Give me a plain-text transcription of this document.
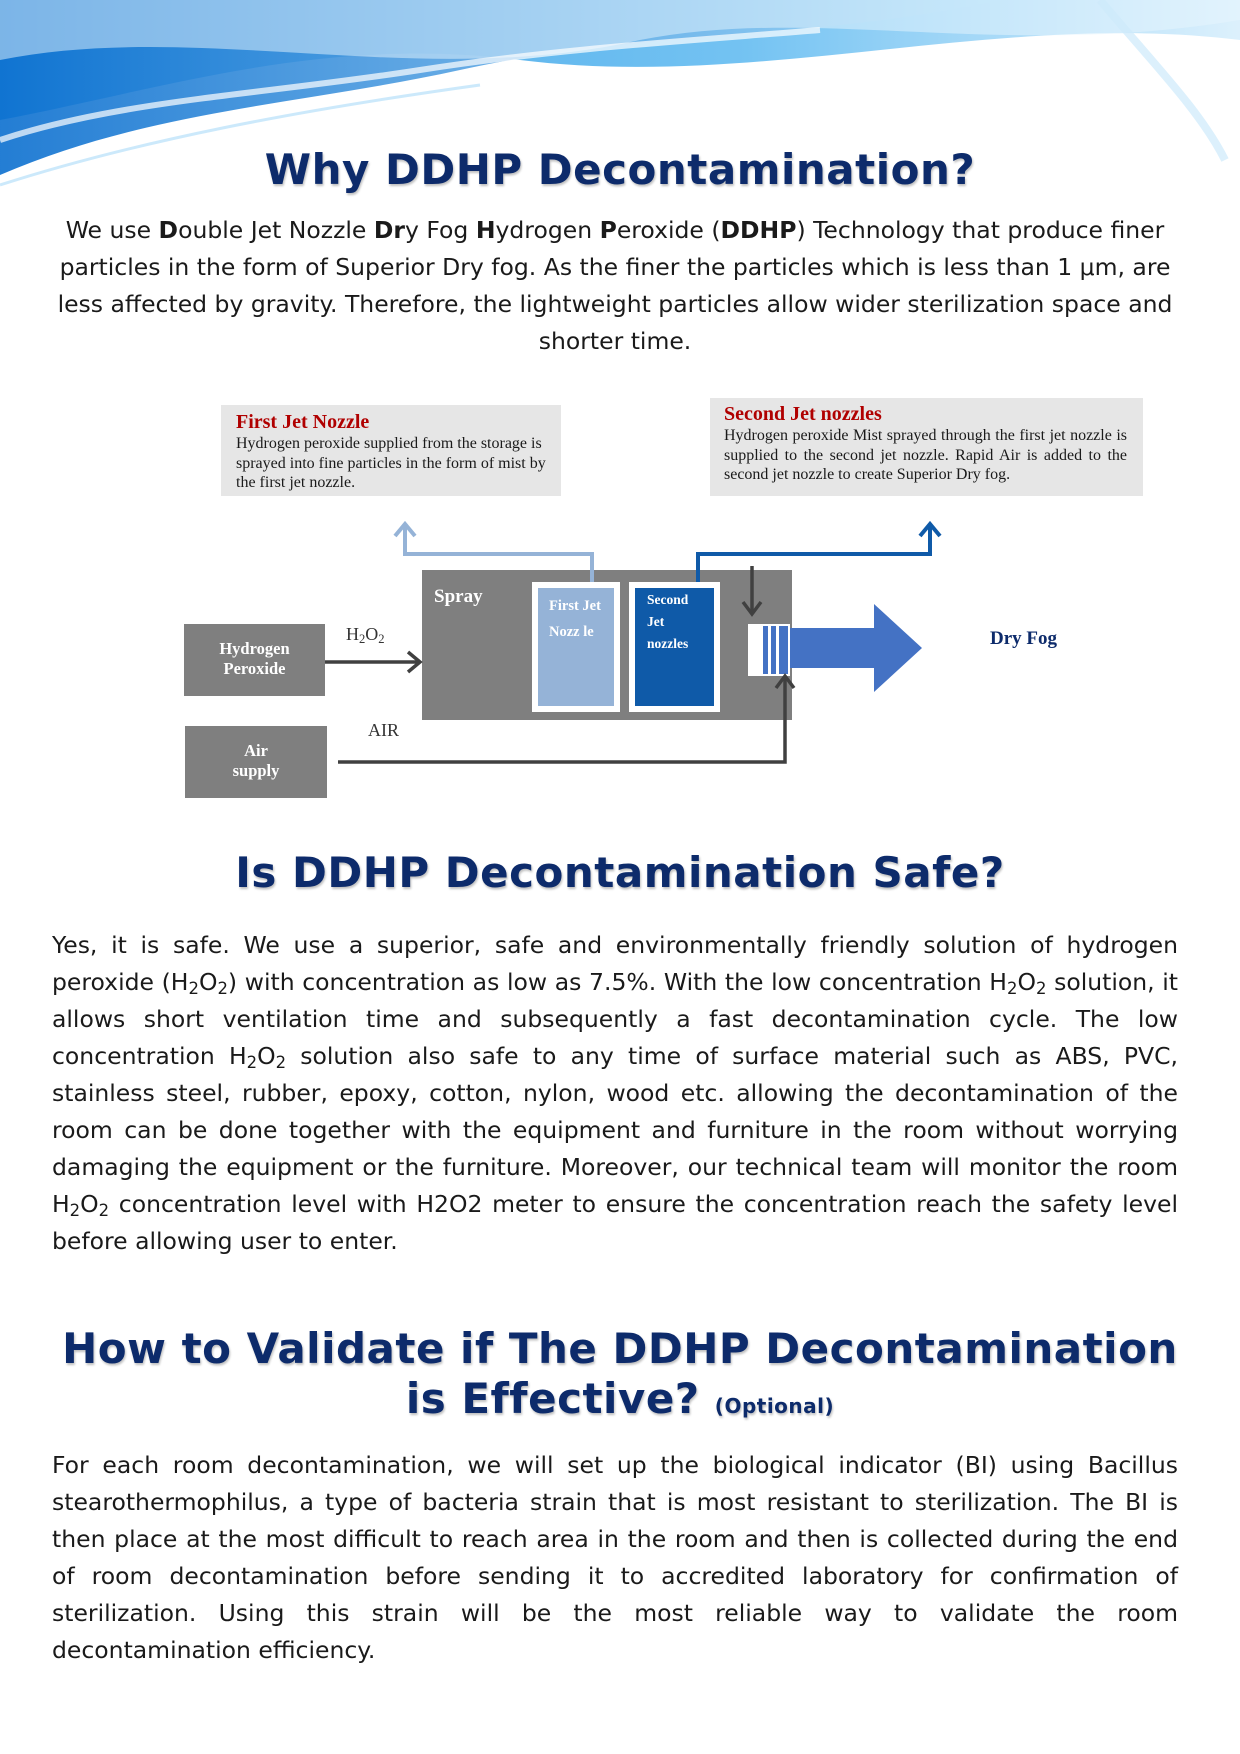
Why DDHP Decontamination?

We use Double Jet Nozzle Dry Fog Hydrogen Peroxide (DDHP) Technology that produce finer particles in the form of Superior Dry fog. As the finer the particles which is less than 1 μm, are less affected by gravity. Therefore, the lightweight particles allow wider sterilization space and shorter time.

First Jet Nozzle
Hydrogen peroxide supplied from the storage is sprayed into fine particles in the form of mist by the first jet nozzle.
Second Jet nozzles
Hydrogen peroxide Mist sprayed through the first jet nozzle is supplied to the second jet nozzle. Rapid Air is added to the second jet nozzle to create Superior Dry fog.
Hydrogen
Peroxide
Air
supply
$H_2O_2$
AIR
Spray	First Jet
Nozz le
Second
Jet
nozzles	Dry Fog
Is DDHP Decontamination Safe?

Yes, it is safe. We use a superior, safe and environmentally friendly solution of hydrogen peroxide $(H_2O_2)$ with concentration as low as 7.5%. With the low concentration $H_2O_2$ solution, it allows short ventilation time and subsequently a fast decontamination cycle. The low concentration $H_2O_2$ solution also safe to any time of surface material such as ABS, PVC, stainless steel, rubber, epoxy, cotton, nylon, wood etc. allowing the decontamination of the room can be done together with the equipment and furniture in the room without worrying damaging the equipment or the furniture. Moreover, our technical team will monitor the room $H_2O_2$ concentration level with H2O2 meter to ensure the concentration reach the safety level before allowing user to enter.

How to Validate if The DDHP Decontamination
is Effective? (Optional)

For each room decontamination, we will set up the biological indicator (BI) using Bacillus stearothermophilus, a type of bacteria strain that is most resistant to sterilization. The BI is then place at the most difficult to reach area in the room and then is collected during the end of room decontamination before sending it to accredited laboratory for confirmation of sterilization. Using this strain will be the most reliable way to validate the room decontamination efficiency.
